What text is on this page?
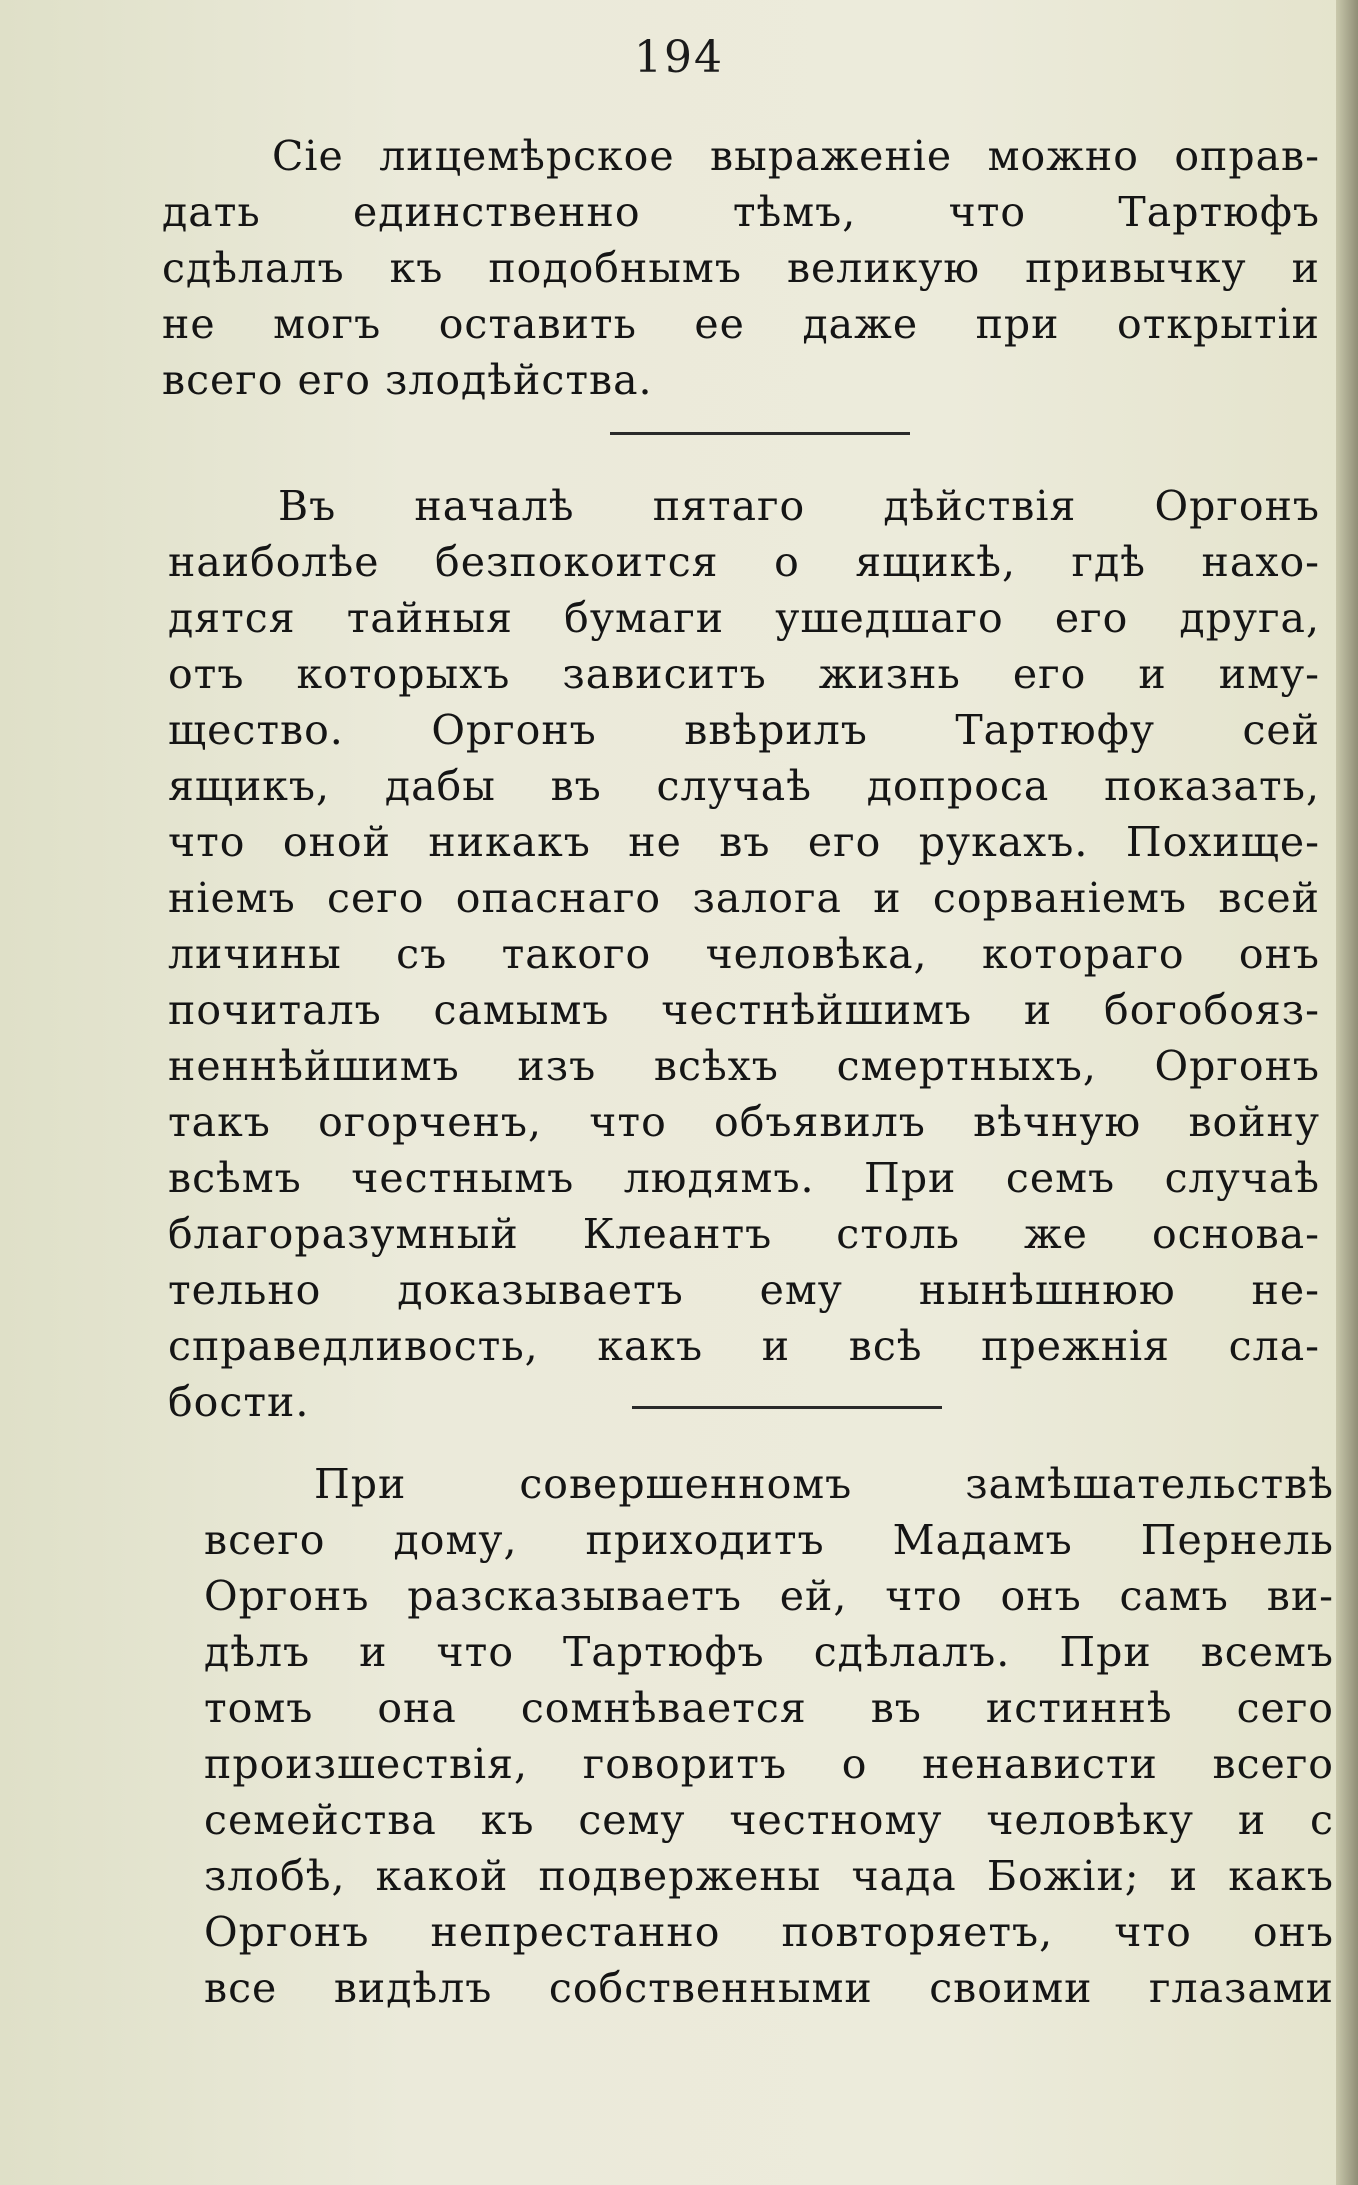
194
Сіе лицемѣрское выраженіе можно оправ-
дать единственно тѣмъ, что Тартюфъ
сдѣлалъ къ подобнымъ великую привычку и
не могъ оставить ее даже при открытіи
всего его злодѣйства.
Въ началѣ пятаго дѣйствія Оргонъ
наиболѣе безпокоится о ящикѣ, гдѣ нахо-
дятся тайныя бумаги ушедшаго его друга,
отъ которыхъ зависитъ жизнь его и иму-
щество. Оргонъ ввѣрилъ Тартюфу сей
ящикъ, дабы въ случаѣ допроса показать,
что оной никакъ не въ его рукахъ. Похище-
ніемъ сего опаснаго залога и сорваніемъ всей
личины съ такого человѣка, котораго онъ
почиталъ самымъ честнѣйшимъ и богобояз-
неннѣйшимъ изъ всѣхъ смертныхъ, Оргонъ
такъ огорченъ, что объявилъ вѣчную войну
всѣмъ честнымъ людямъ. При семъ случаѣ
благоразумный Клеантъ столь же основа-
тельно доказываетъ ему нынѣшнюю не-
справедливость, какъ и всѣ прежнія сла-
бости.
При совершенномъ замѣшательствѣ
всего дому, приходитъ Мадамъ Пернель
Оргонъ разсказываетъ ей, что онъ самъ ви-
дѣлъ и что Тартюфъ сдѣлалъ. При всемъ
томъ она сомнѣвается въ истиннѣ сего
произшествія, говоритъ о ненависти всего
семейства къ сему честному человѣку и с
злобѣ, какой подвержены чада Божіи; и какъ
Оргонъ непрестанно повторяетъ, что онъ
все видѣлъ собственными своими глазами
